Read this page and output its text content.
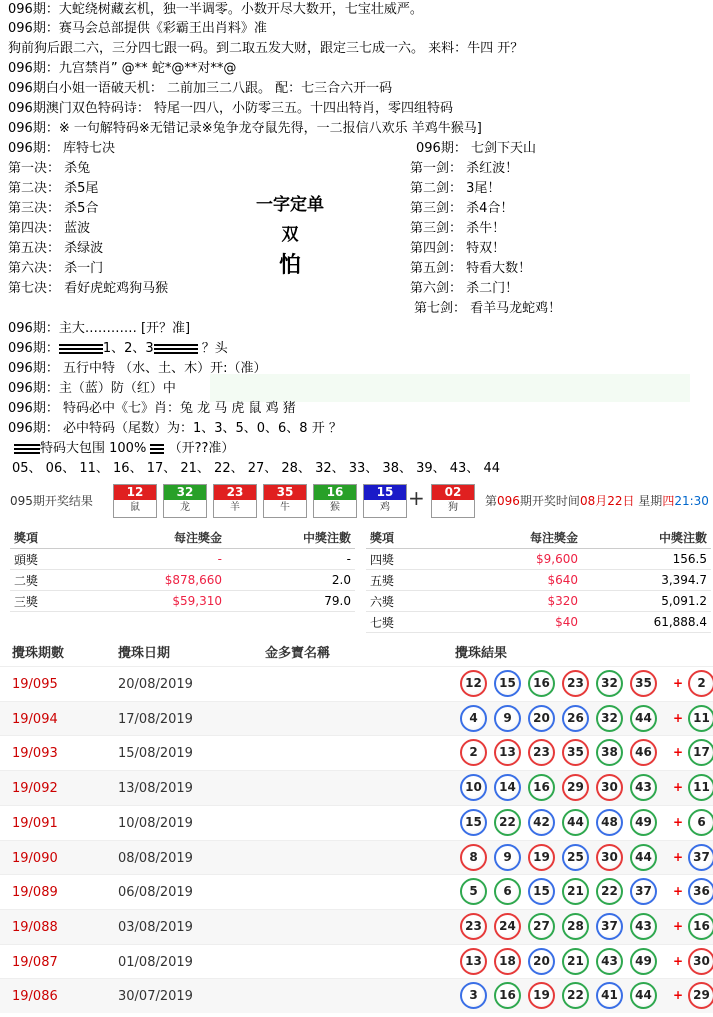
096期：大蛇绕树藏玄机，独一半调零。小数开尽大数开，七宝壮威严。
096期：赛马会总部提供《彩霸王出肖料》准
狗前狗后跟二六，三分四七跟一码。到二取五发大财，跟定三七成一六。 来料：牛四 开？
096期：九宫禁肖” @** 蛇*@**对**@
096期白小姐一语破天机： 二前加三二八跟。 配：七三合六开一码
096期澳门双色特码诗： 特尾一四八，小防零三五。十四出特肖，零四组特码
096期：※ 一句解特码※无错记录※兔争龙夺鼠先得，一二报信八欢乐 羊鸡牛猴马]
096期： 库特七决
第一决： 杀兔
第二决： 杀5尾
第三决： 杀5合
第四决： 蓝波
第五决： 杀绿波
第六决： 杀一门
第七决： 看好虎蛇鸡狗马猴
一字定单双
怕
096期： 七剑下天山
第一剑： 杀红波！
第二剑： 3尾！
第三剑： 杀4合！
第三剑： 杀牛！
第四剑： 特双！
第五剑： 特看大数！
第六剑： 杀二门！
第七剑： 看羊马龙蛇鸡！
096期：主大………… [开？准]
096期：	1、2、3	？头
096期： 五行中特 （水、土、木）开:（准）
096期：主（蓝）防（红）中
096期： 特码必中《七》肖：兔 龙 马 虎 鼠 鸡 猪
096期： 必中特码（尾数）为：1、3、5、0、6、8 开 ？
特码大包围 100% （开??准）
05、 06、 11、 16、 17、 21、 22、 27、 28、 32、 33、 38、 39、 43、 44
095期开奖结果
12
鼠
32
龙
23
羊
35
牛
16
猴
15
鸡
02
狗
+	第096期开奖时间08月22日 星期四21:30
獎項	每注獎金	中獎注數
頭獎	-	-
二獎	$878,660	2.0
三獎	$59,310	79.0
獎項	每注獎金	中獎注數
四獎	$9,600	156.5
五獎	$640	3,394.7
六獎	$320	5,091.2
七獎	$40	61,888.4
攪珠期數	攪珠日期	金多寶名稱	攪珠結果
19/095	20/08/2019	12	15	16	23	32	35	+	2
19/094	17/08/2019	4	9	20	26	32	44	+ 11
19/093	15/08/2019	2	13	23	35	38	46	+ 17
19/092	13/08/2019	10	14	16	29	30	43	+ 11
19/091	10/08/2019	15	22	42	44	48	49	+	6
19/090	08/08/2019	8	9	19	25	30	44	+ 37
19/089	06/08/2019	5	6	15	21	22	37	+ 36
19/088	03/08/2019	23	24	27	28	37	43	+ 16
19/087	01/08/2019	13	18	20	21	43	49	+ 30
19/086	30/07/2019	3	16	19	22	41	44	+ 29
